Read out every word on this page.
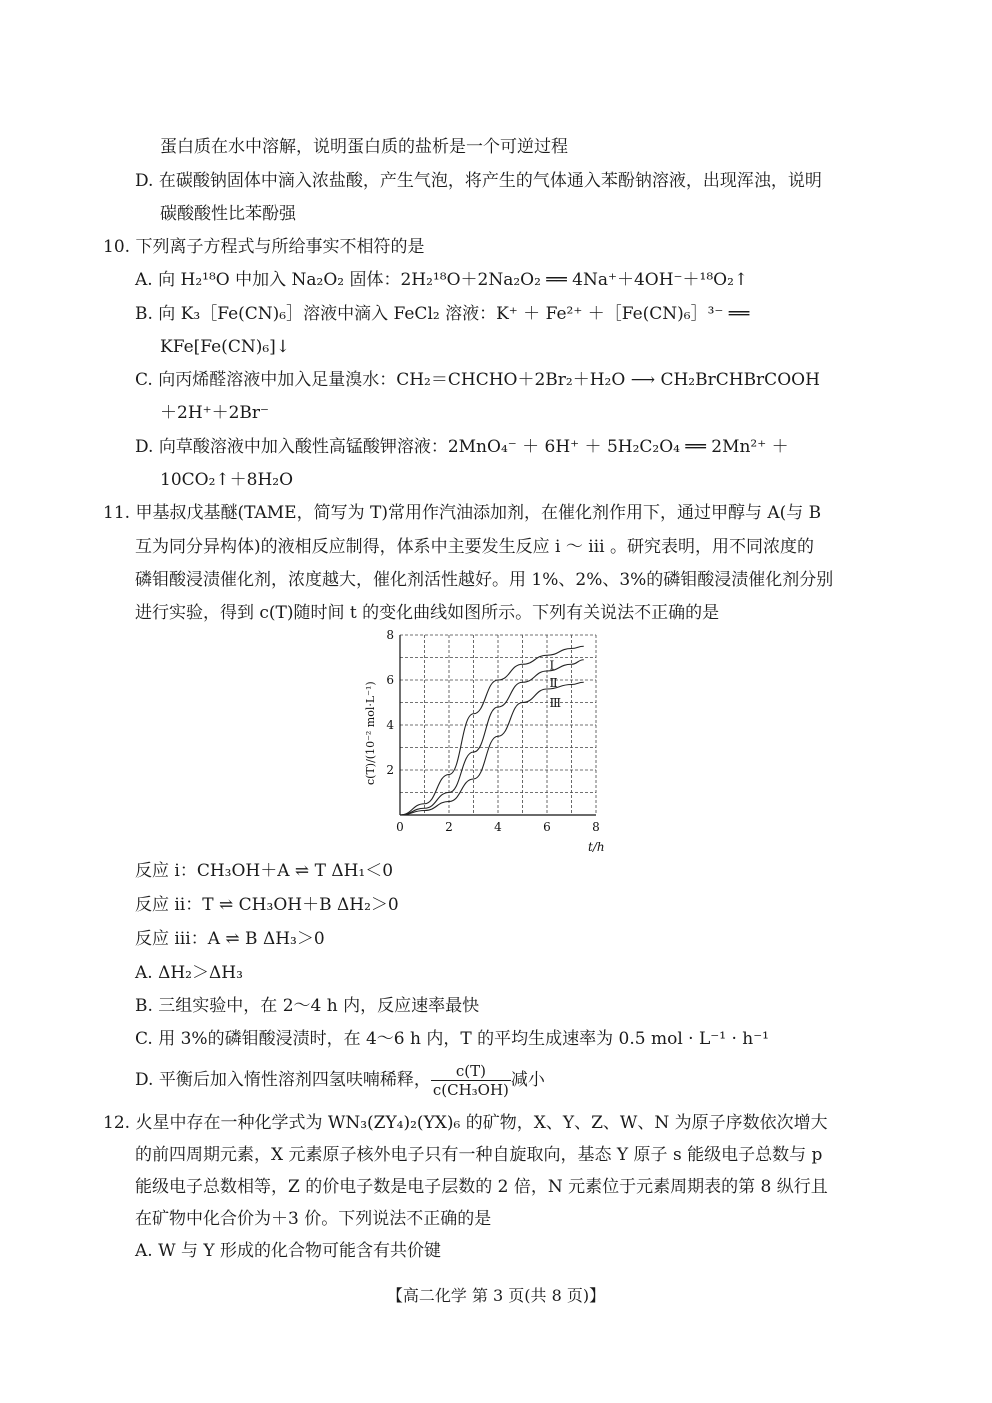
蛋白质在水中溶解，说明蛋白质的盐析是一个可逆过程
D. 在碳酸钠固体中滴入浓盐酸，产生气泡，将产生的气体通入苯酚钠溶液，出现浑浊，说明
碳酸酸性比苯酚强
10. 下列离子方程式与所给事实不相符的是
A. 向 H₂¹⁸O 中加入 Na₂O₂ 固体：2H₂¹⁸O＋2Na₂O₂ ══ 4Na⁺＋4OH⁻＋¹⁸O₂↑
B. 向 K₃［Fe(CN)₆］溶液中滴入 FeCl₂ 溶液：K⁺ ＋ Fe²⁺ ＋［Fe(CN)₆］³⁻ ══
KFe[Fe(CN)₆]↓
C. 向丙烯醛溶液中加入足量溴水：CH₂＝CHCHO＋2Br₂＋H₂O ⟶ CH₂BrCHBrCOOH
＋2H⁺＋2Br⁻
D. 向草酸溶液中加入酸性高锰酸钾溶液：2MnO₄⁻ ＋ 6H⁺ ＋ 5H₂C₂O₄ ══ 2Mn²⁺ ＋
10CO₂↑＋8H₂O
11. 甲基叔戊基醚(TAME，简写为 T)常用作汽油添加剂，在催化剂作用下，通过甲醇与 A(与 B
互为同分异构体)的液相反应制得，体系中主要发生反应 ⅰ ～ ⅲ 。研究表明，用不同浓度的
磷钼酸浸渍催化剂，浓度越大，催化剂活性越好。用 1%、2%、3%的磷钼酸浸渍催化剂分别
进行实验，得到 c(T)随时间 t 的变化曲线如图所示。下列有关说法不正确的是
0	2	4	6	8
2
4
6
8
t/h
c(T)/(10⁻² mol·L⁻¹)
Ⅰ
Ⅱ
Ⅲ
反应 ⅰ：CH₃OH＋A ⇌ T ΔH₁＜0
反应 ⅱ：T ⇌ CH₃OH＋B ΔH₂＞0
反应 ⅲ：A ⇌ B ΔH₃＞0
A. ΔH₂＞ΔH₃
B. 三组实验中，在 2～4 h 内，反应速率最快
C. 用 3%的磷钼酸浸渍时，在 4～6 h 内，T 的平均生成速率为 0.5 mol · L⁻¹ · h⁻¹
D. 平衡后加入惰性溶剂四氢呋喃稀释， $\frac{c(T)}{\text{c(CH₃OH)}}$ 减小
12. 火星中存在一种化学式为 WN₃(ZY₄)₂(YX)₆ 的矿物，X、Y、Z、W、N 为原子序数依次增大
的前四周期元素，X 元素原子核外电子只有一种自旋取向，基态 Y 原子 s 能级电子总数与 p
能级电子总数相等，Z 的价电子数是电子层数的 2 倍，N 元素位于元素周期表的第 8 纵行且
在矿物中化合价为＋3 价。下列说法不正确的是
A. W 与 Y 形成的化合物可能含有共价键
【高二化学 第 3 页(共 8 页)】
